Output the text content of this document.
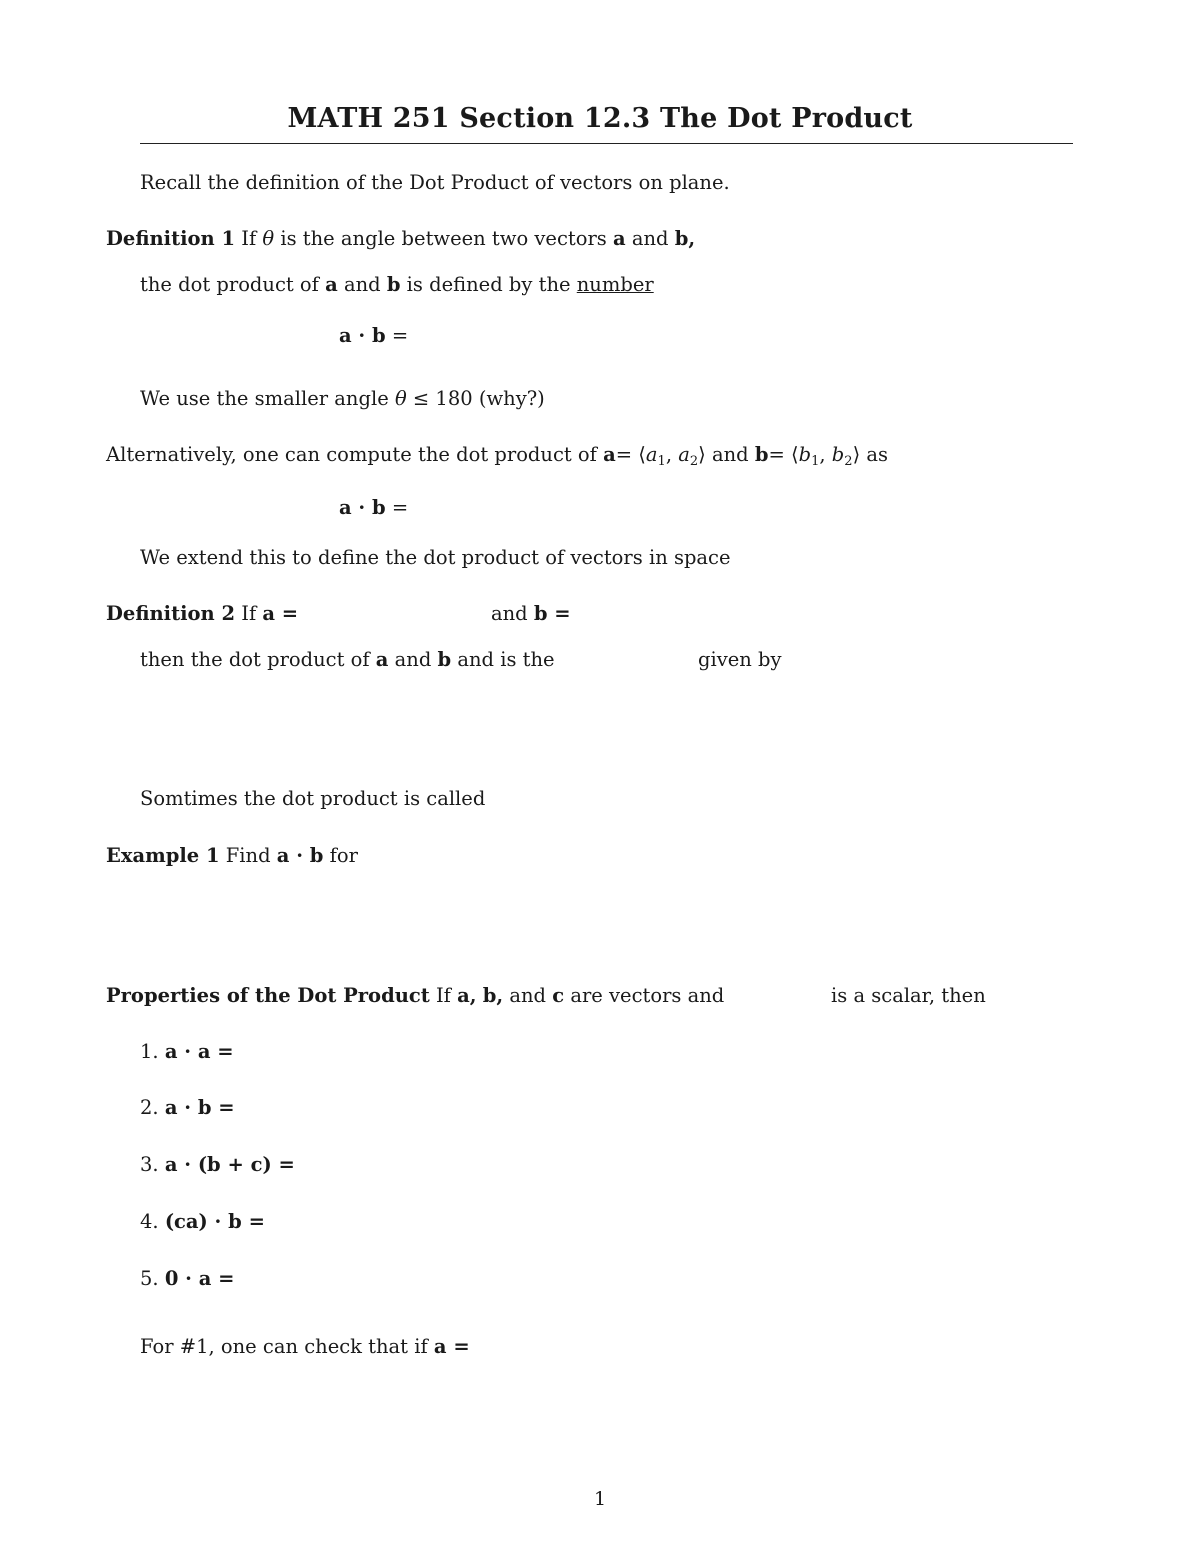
MATH 251 Section 12.3 The Dot Product
Recall the definition of the Dot Product of vectors on plane.
Definition 1 If θ is the angle between two vectors a and b,
the dot product of a and b is defined by the number
a · b =
We use the smaller angle θ ≤ 180 (why?)
Alternatively, one can compute the dot product of $a= ⟨a_1$, $a_2⟩$ and $b= ⟨b_1$, $b_2⟩$ as
a · b =
We extend this to define the dot product of vectors in space
Definition 2 If a =	and b =
then the dot product of a and b and is the	given by
Somtimes the dot product is called
Example 1 Find a · b for
Properties of the Dot Product If a, b, and c are vectors and	is a scalar, then
1. a · a =
2. a · b =
3. a · (b + c) =
4. (ca) · b =
5. 0 · a =
For #1, one can check that if a =
1
